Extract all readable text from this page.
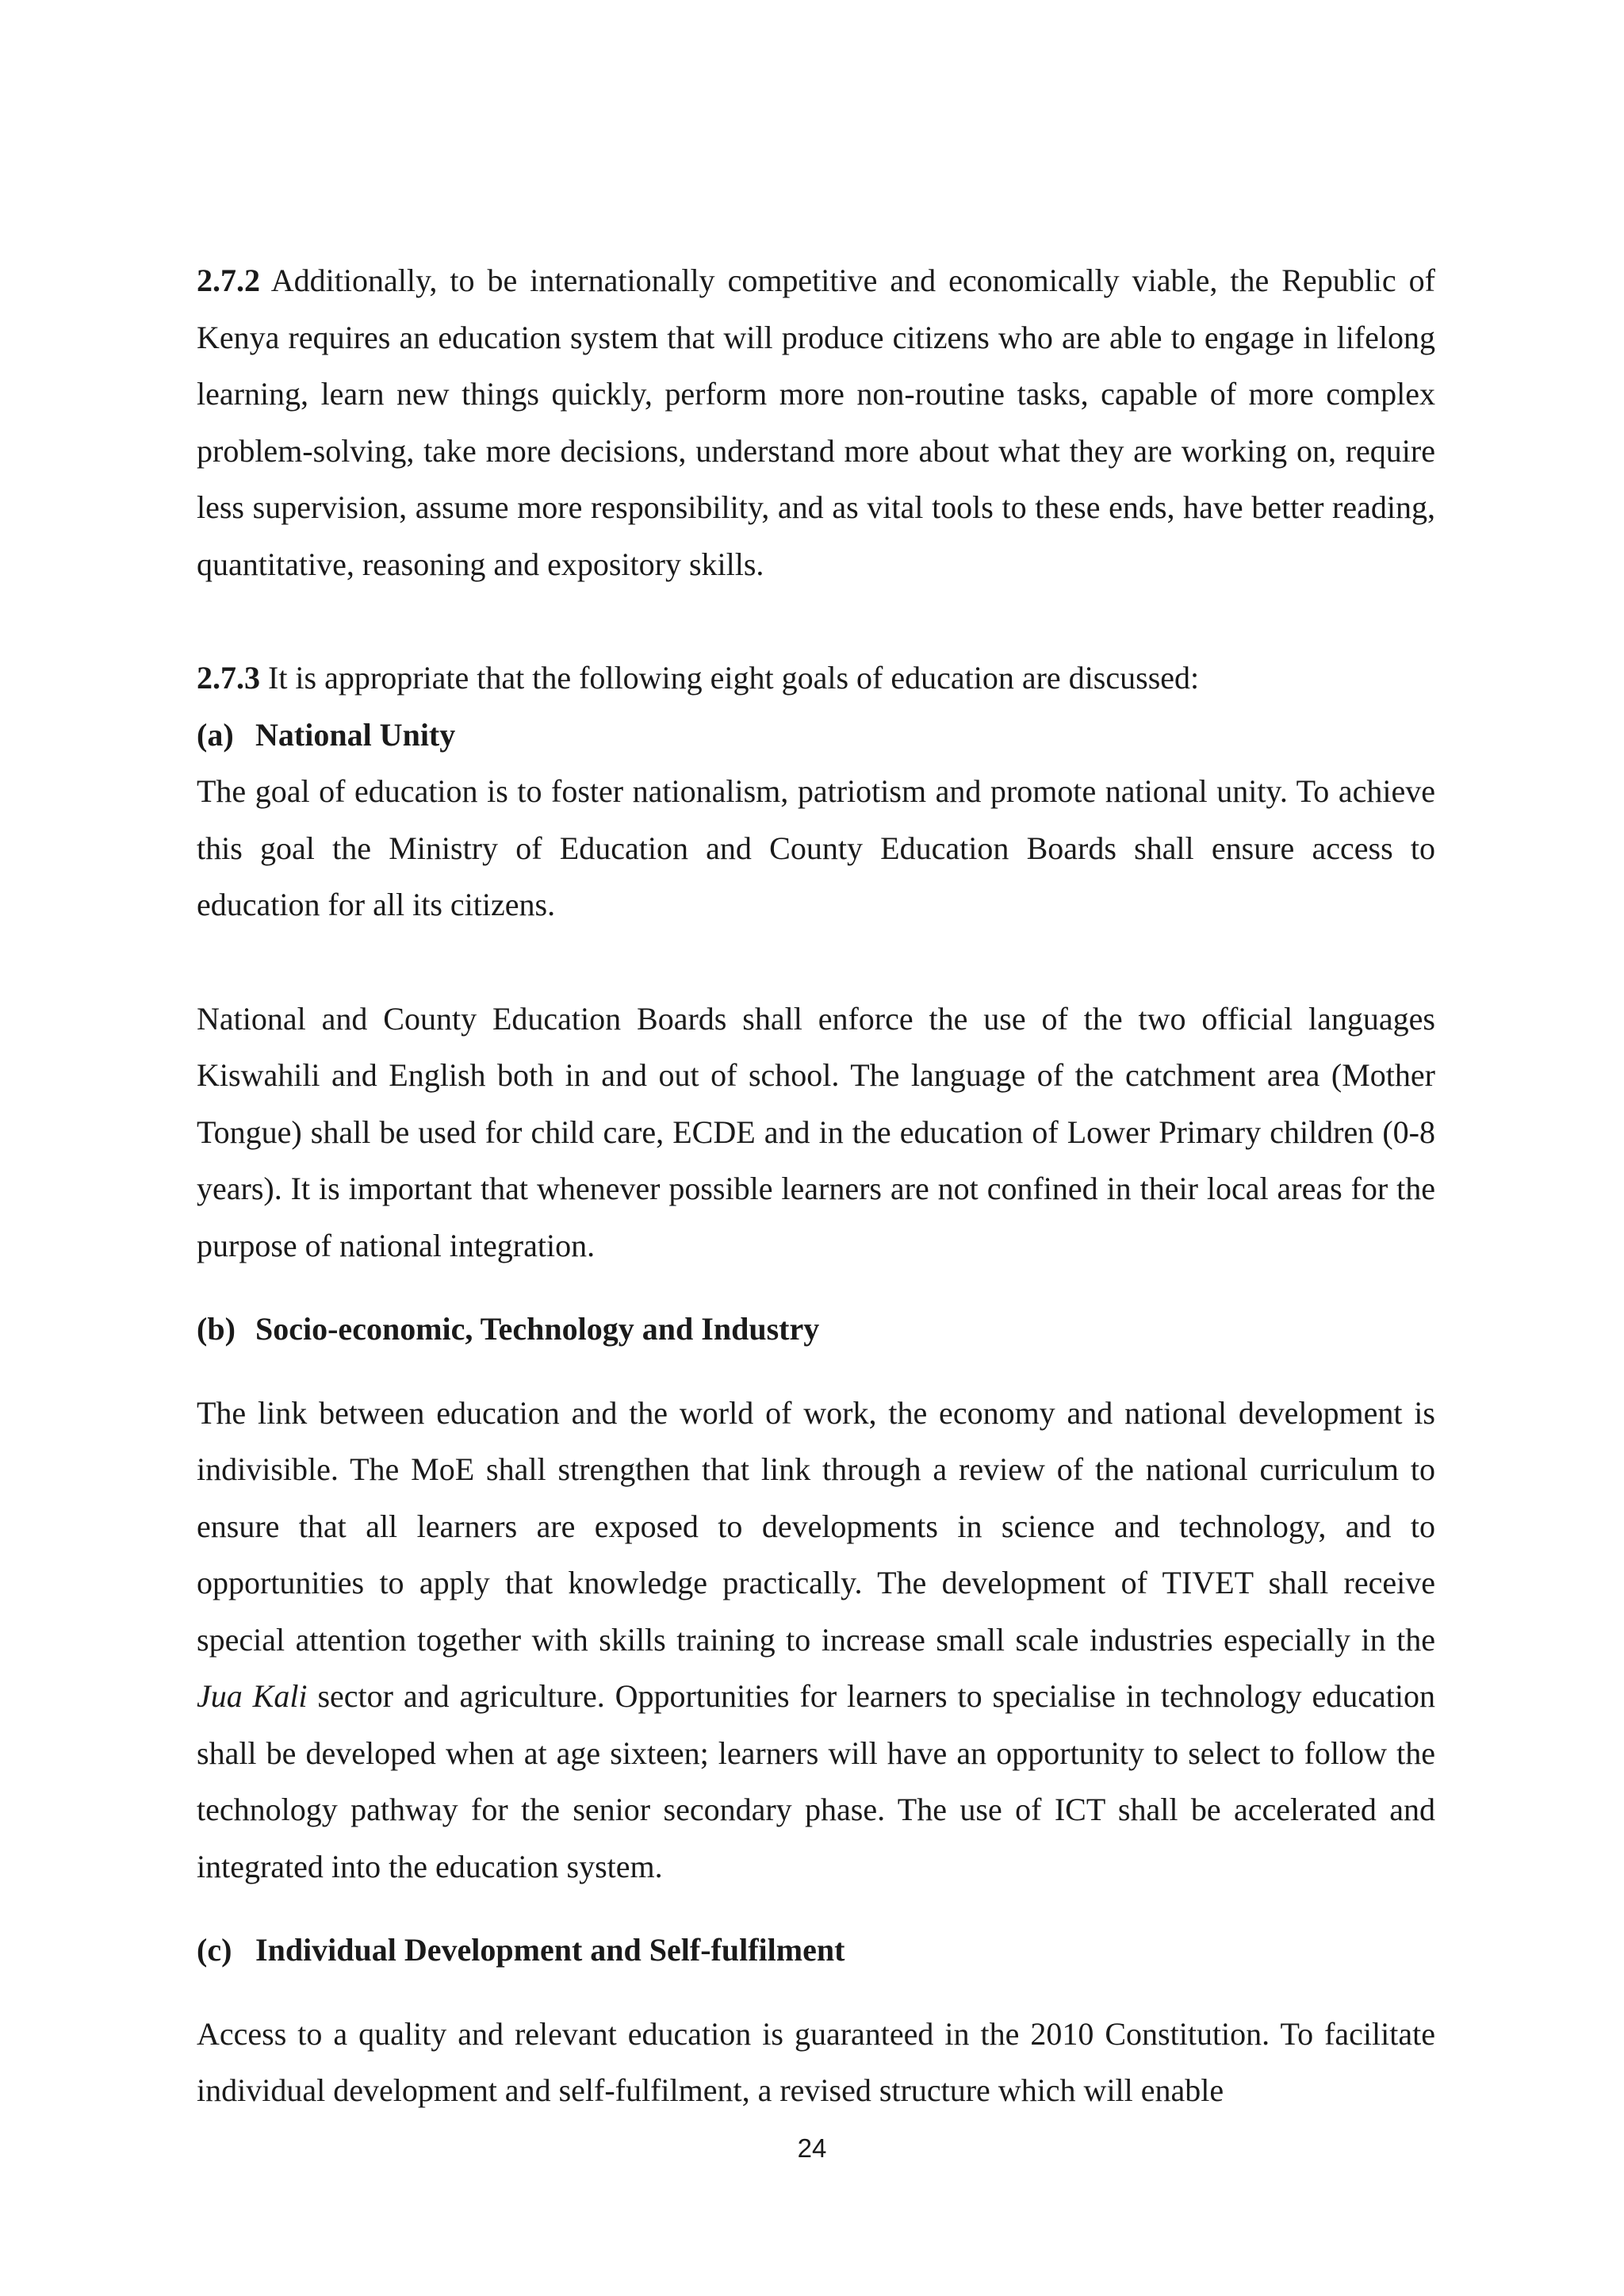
2.7.2 Additionally, to be internationally competitive and economically viable, the Republic of Kenya requires an education system that will produce citizens who are able to engage in lifelong learning, learn new things quickly, perform more non-routine tasks, capable of more complex problem-solving, take more decisions, understand more about what they are working on, require less supervision, assume more responsibility, and as vital tools to these ends, have better reading, quantitative, reasoning and expository skills.

2.7.3 It is appropriate that the following eight goals of education are discussed:

(a) National Unity

The goal of education is to foster nationalism, patriotism and promote national unity. To achieve this goal the Ministry of Education and County Education Boards shall ensure access to education for all its citizens.

National and County Education Boards shall enforce the use of the two official languages Kiswahili and English both in and out of school. The language of the catchment area (Mother Tongue) shall be used for child care, ECDE and in the education of Lower Primary children (0-8 years). It is important that whenever possible learners are not confined in their local areas for the purpose of national integration.

(b) Socio-economic, Technology and Industry

The link between education and the world of work, the economy and national development is indivisible. The MoE shall strengthen that link through a review of the national curriculum to ensure that all learners are exposed to developments in science and technology, and to opportunities to apply that knowledge practically. The development of TIVET shall receive special attention together with skills training to increase small scale industries especially in the Jua Kali sector and agriculture. Opportunities for learners to specialise in technology education shall be developed when at age sixteen; learners will have an opportunity to select to follow the technology pathway for the senior secondary phase. The use of ICT shall be accelerated and integrated into the education system.

(c) Individual Development and Self-fulfilment

Access to a quality and relevant education is guaranteed in the 2010 Constitution. To facilitate individual development and self-fulfilment, a revised structure which will enable

24
